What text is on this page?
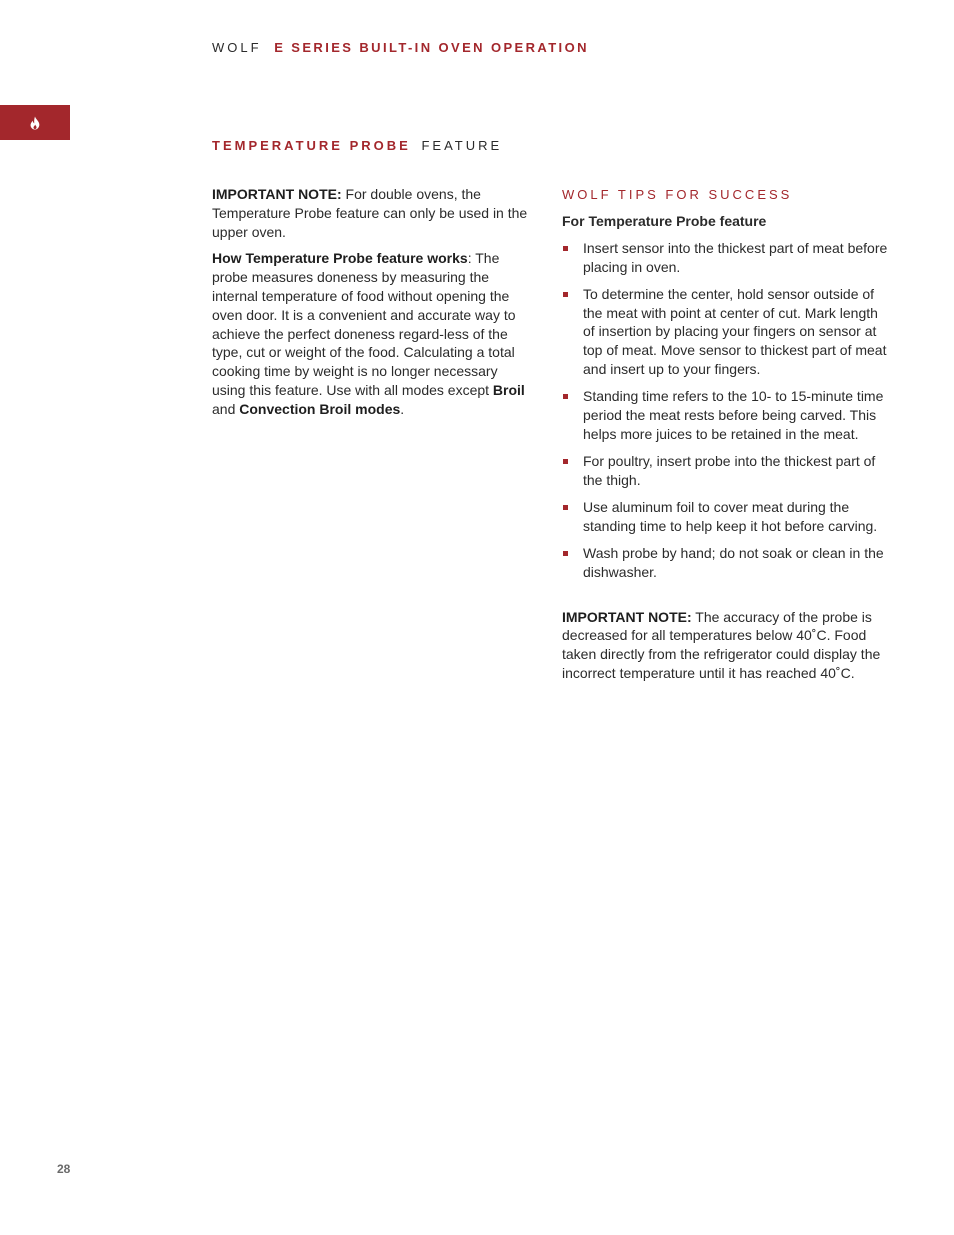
WOLF E SERIES BUILT-IN OVEN OPERATION
TEMPERATURE PROBE FEATURE

IMPORTANT NOTE: For double ovens, the Temperature Probe feature can only be used in the upper oven.

How Temperature Probe feature works: The probe measures doneness by measuring the internal temperature of food without opening the oven door. It is a convenient and accurate way to achieve the perfect doneness regard-less of the type, cut or weight of the food. Calculating a total cooking time by weight is no longer necessary using this feature. Use with all modes except Broil and Convection Broil modes.

WOLF TIPS FOR SUCCESS
For Temperature Probe feature
Insert sensor into the thickest part of meat before placing in oven.
To determine the center, hold sensor outside of the meat with point at center of cut. Mark length of insertion by placing your fingers on sensor at top of meat. Move sensor to thickest part of meat and insert up to your fingers.
Standing time refers to the 10- to 15-minute time period the meat rests before being carved. This helps more juices to be retained in the meat.
For poultry, insert probe into the thickest part of the thigh.
Use aluminum foil to cover meat during the standing time to help keep it hot before carving.
Wash probe by hand; do not soak or clean in the dishwasher.

IMPORTANT NOTE: The accuracy of the probe is decreased for all temperatures below 40˚C. Food taken directly from the refrigerator could display the incorrect temperature until it has reached 40˚C.

28
